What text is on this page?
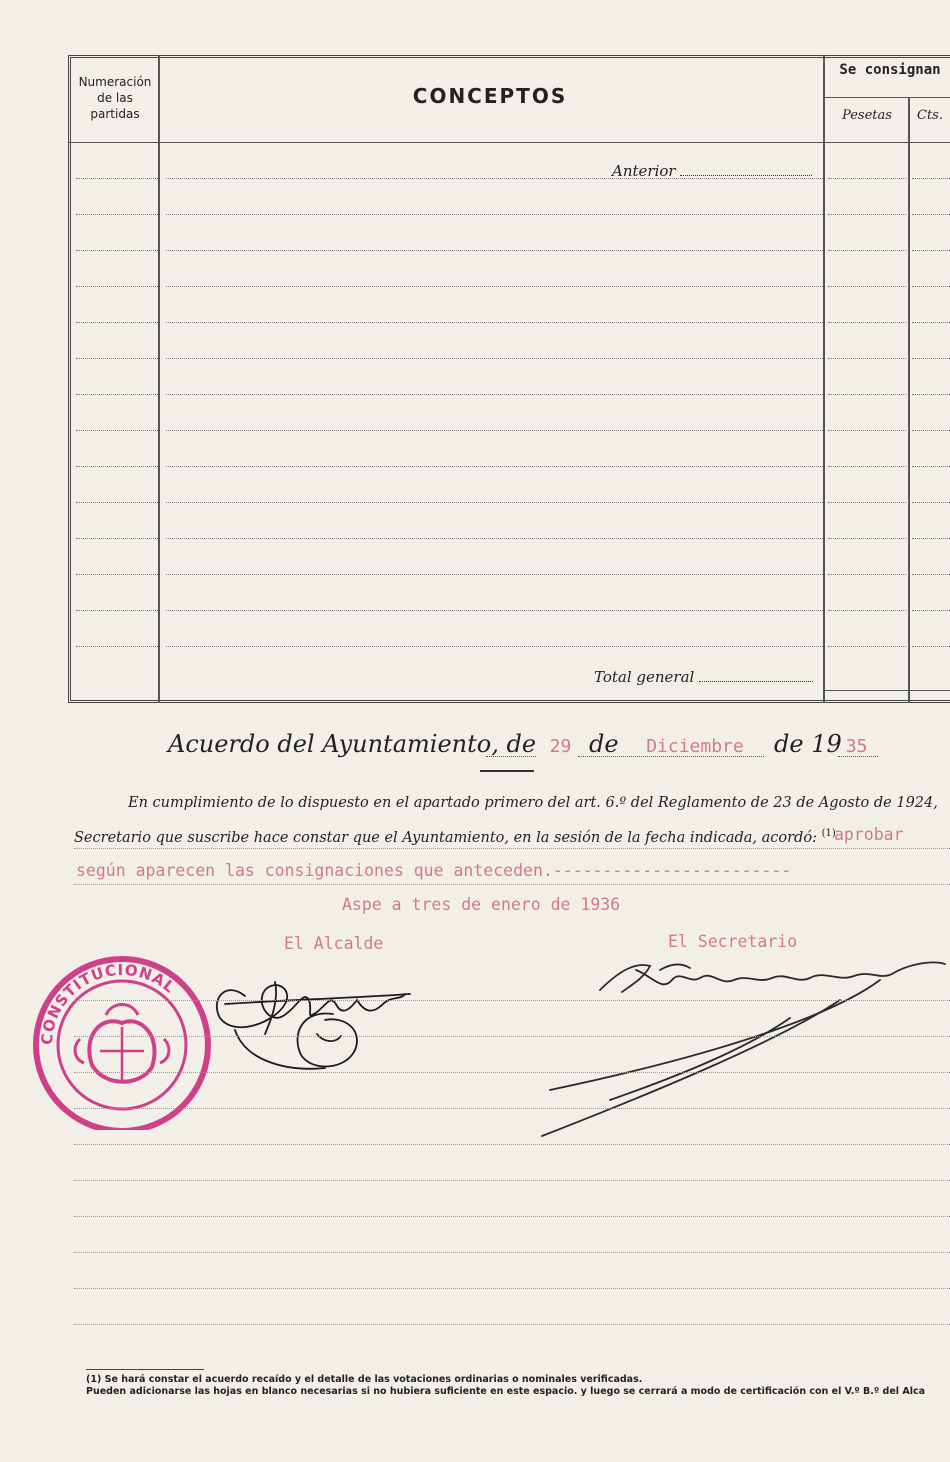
Numeración
de las
partidas
CONCEPTOS
Se consignan
Pesetas	Cts.
Anterior
Total general
Acuerdo del Ayuntamiento, de 29 de Diciembre de 19 35
En cumplimiento de lo dispuesto en el apartado primero del art. 6.º del Reglamento de 23 de Agosto de 1924,
Secretario que suscribe hace constar que el Ayuntamiento, en la sesión de la fecha indicada, acordó: $^{(1)}$
aprobar
según aparecen las consignaciones que anteceden.------------------------
Aspe a tres de enero de 1936
El Alcalde	El Secretario
CONSTITUCIONAL
(1) Se hará constar el acuerdo recaído y el detalle de las votaciones ordinarias o nominales verificadas.
Pueden adicionarse las hojas en blanco necesarias si no hubiera suficiente en este espacio. y luego se cerrará a modo de certificación con el V.º B.º del Alca
